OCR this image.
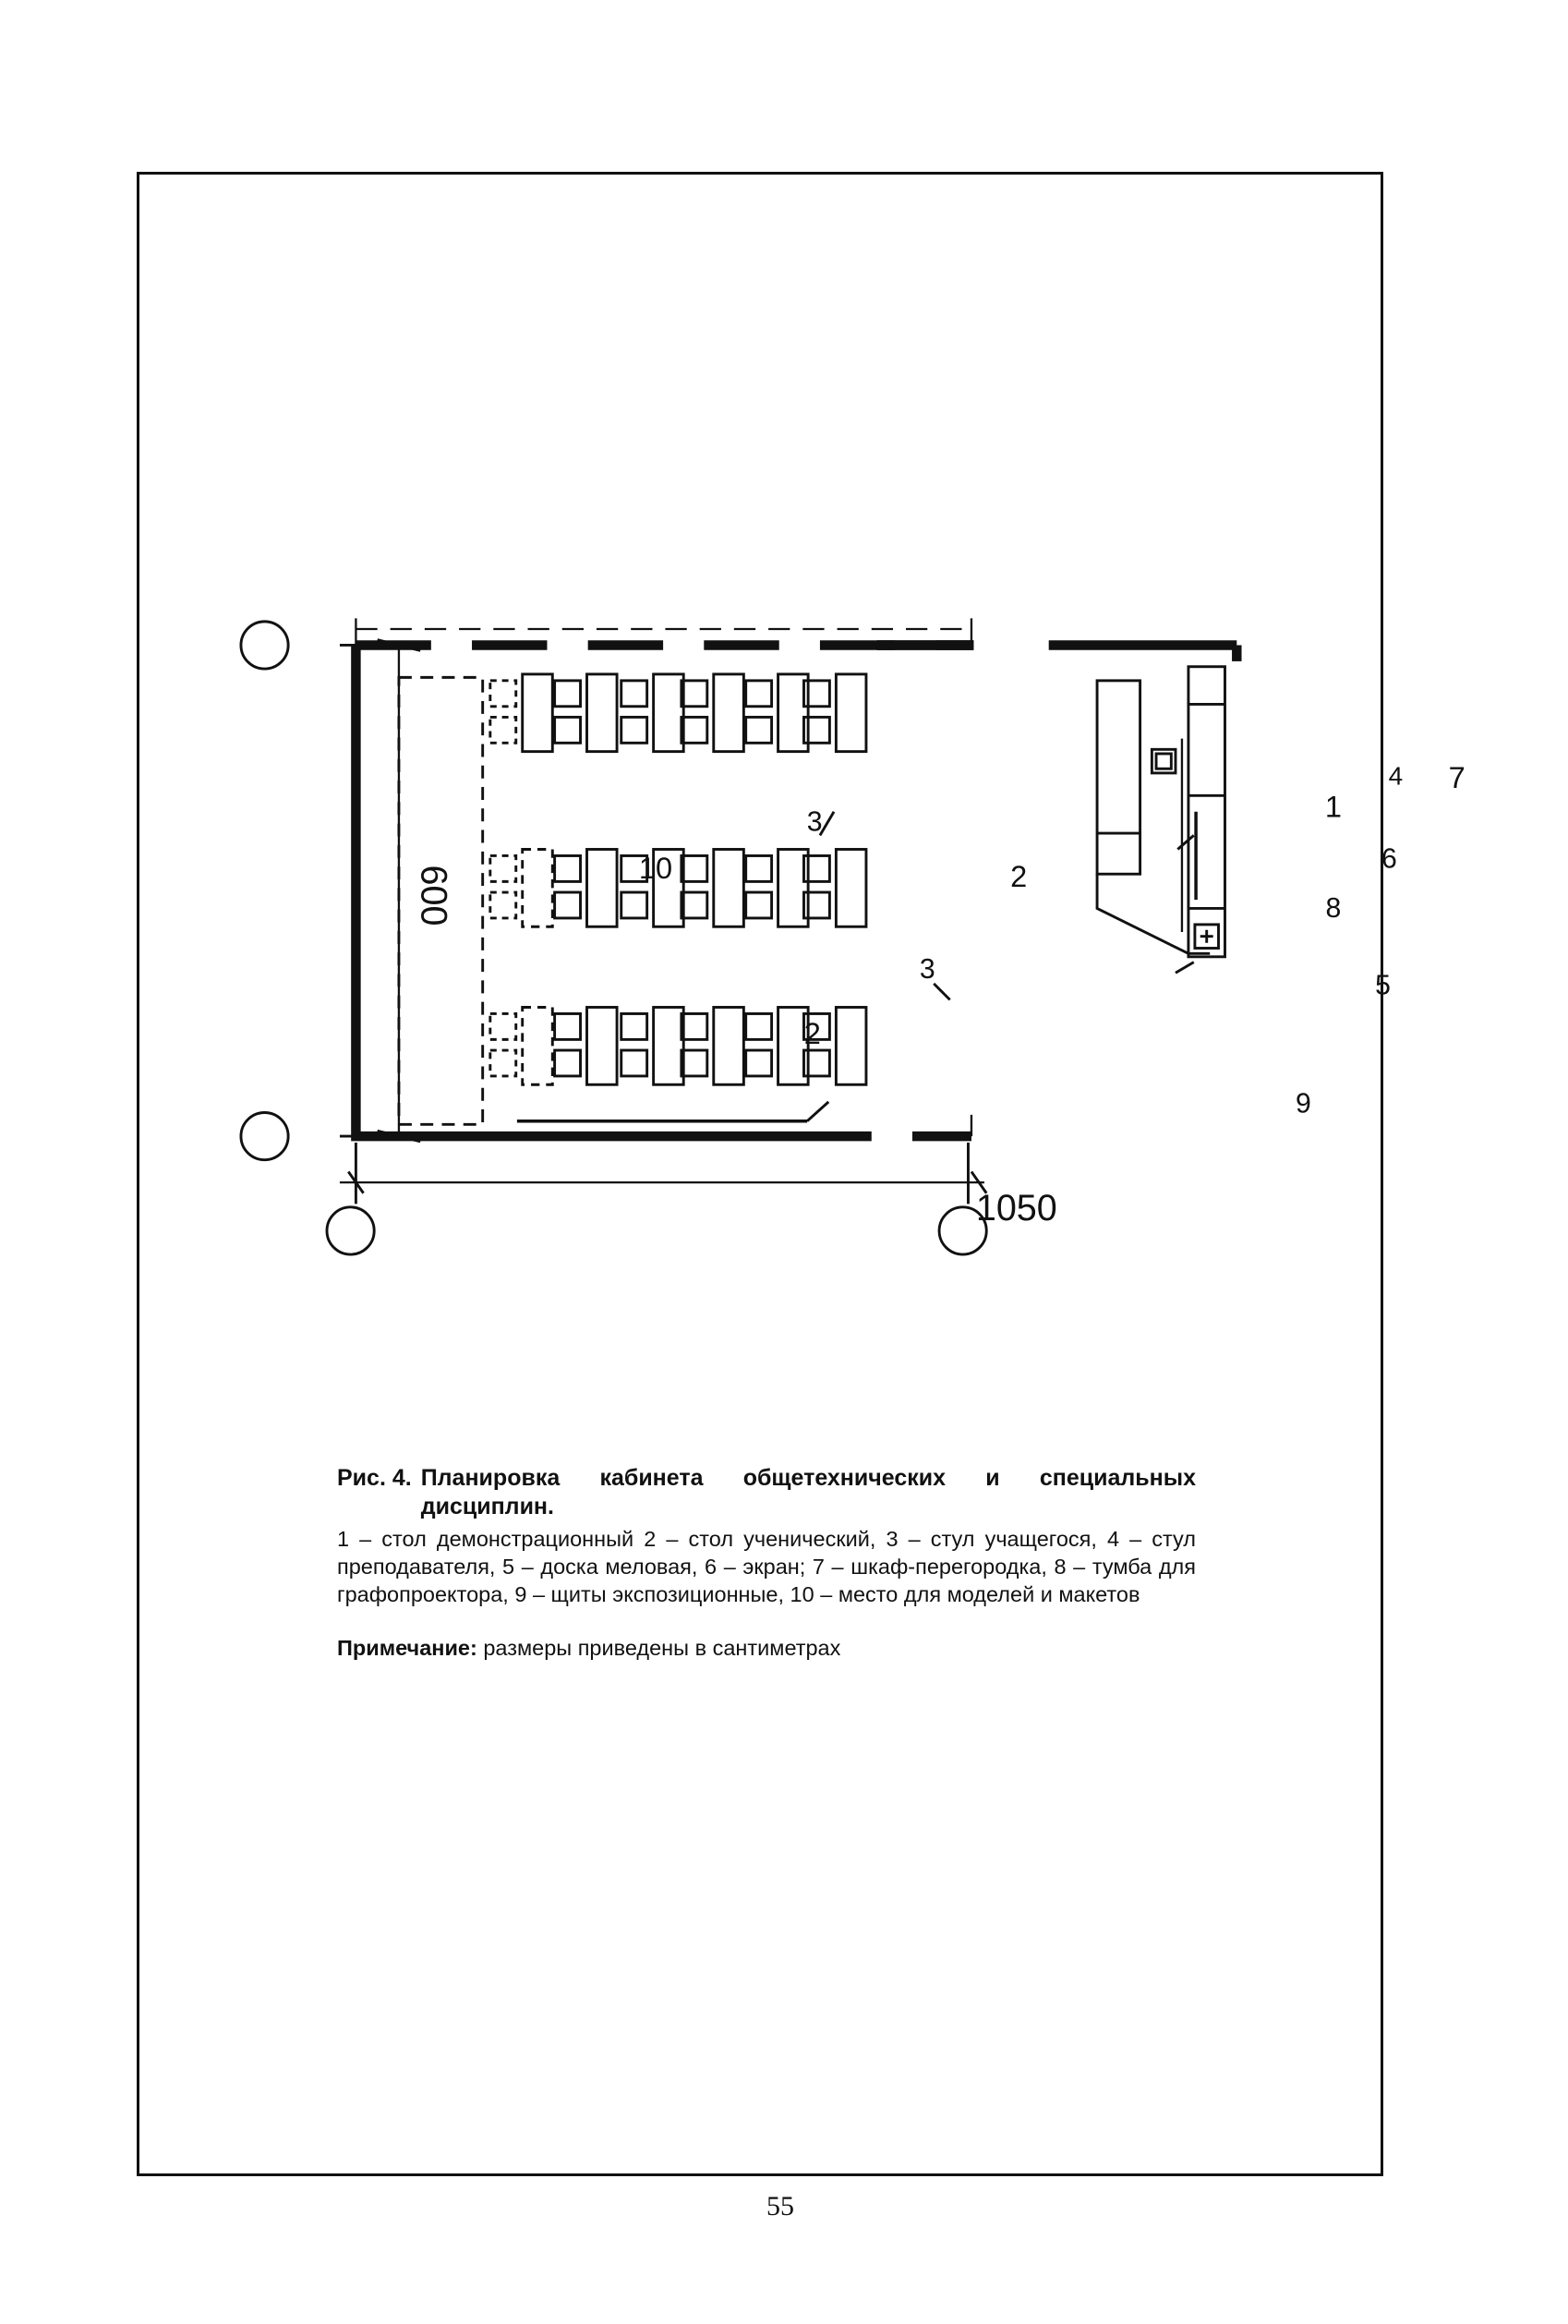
1050
600	10	2
2
3
3
1
8
4 7
6
5
9
Рис. 4. Планировка кабинета общетехнических и специальных дисциплин.
1 – стол демонстрационный 2 – стол ученический, 3 – стул учащегося, 4 – стул преподавателя, 5 – доска меловая, 6 – экран; 7 – шкаф-перегородка, 8 – тумба для графопроектора, 9 – щиты экспозиционные, 10 – место для моделей и макетов
Примечание: размеры приведены в сантиметрах
55
